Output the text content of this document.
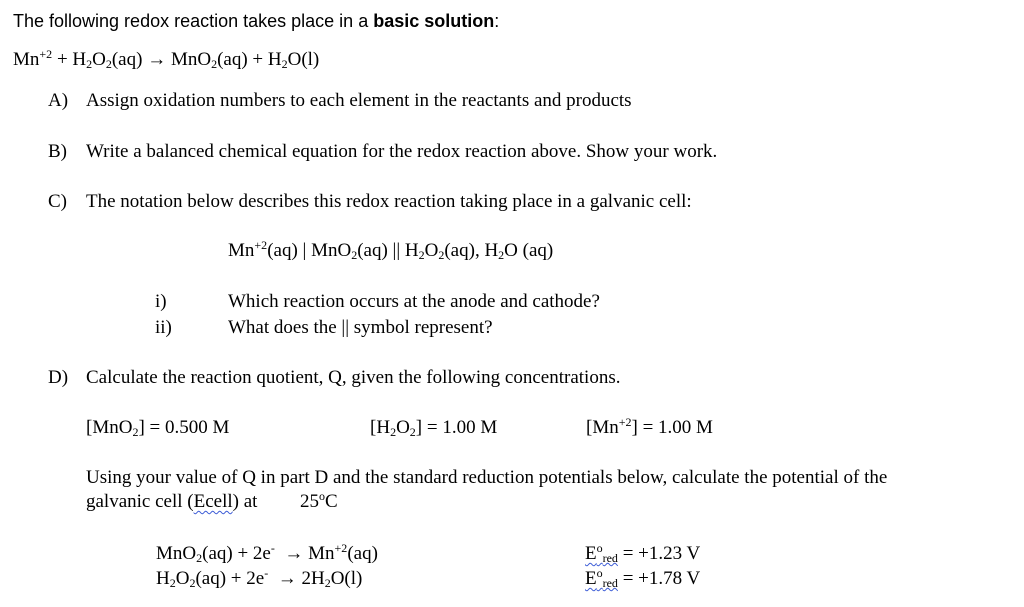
The following redox reaction takes place in a basic solution:
$Mn^{+2} + H_2O_2(aq) \to MnO_2(aq) + H_2O(l)$
A) Assign oxidation numbers to each element in the reactants and products
B) Write a balanced chemical equation for the redox reaction above. Show your work.
C) The notation below describes this redox reaction taking place in a galvanic cell:
$Mn^{+2}(aq)$ | MnO$_2$(aq) || $H_2O_2(aq)$, $H_2O$ (aq)
i)	Which reaction occurs at the anode and cathode?
ii)	What does the || symbol represent?
D) Calculate the reaction quotient, Q, given the following concentrations.
[MnO$_2$] = 0.500 M	$[H_2O_2] = 1.00$ M	$[Mn^{+2}] = 1.00$ M
Using your value of Q in part D and the standard reduction potentials below, calculate the potential of the
galvanic cell (Ecell) at 25$^o$C
$MnO_2(aq) + 2e^- \to Mn^{+2}(aq)$	$E^o_{red} = +1.23$ V
$H_2O_2(aq) + 2e^- \to 2H_2O(l)$	$E^o_{red} = +1.78$ V
